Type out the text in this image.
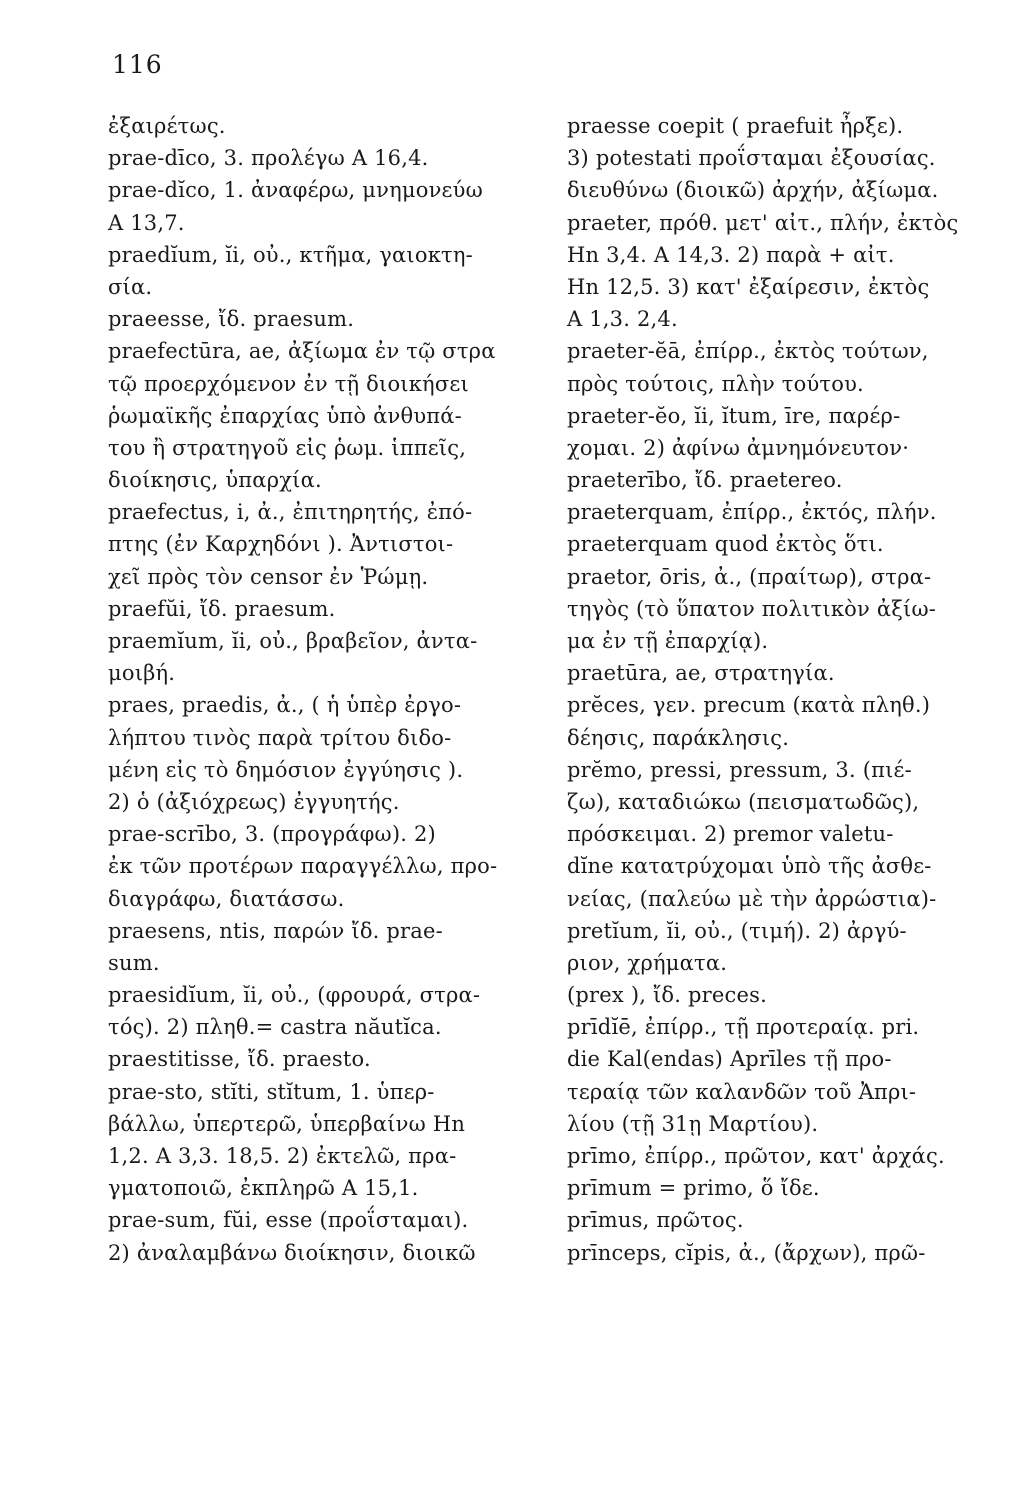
116
ἐξαιρέτως.
prae-dīco, 3. προλέγω Α 16,4.
prae-dĭco, 1. ἀναφέρω, μνημονεύω
Α 13,7.
praedĭum, ĭi, οὐ., κτῆμα, γαιοκτη-
σία.
praeesse, ἴδ. praesum.
praefectūra, ae, ἀξίωμα ἐν τῷ στρα
τῷ προερχόμενον ἐν τῇ διοικήσει
ῥωμαϊκῆς ἐπαρχίας ὑπὸ ἀνθυπά-
του ἢ στρατηγοῦ εἰς ῥωμ. ἱππεῖς,
διοίκησις, ὑπαρχία.
praefectus, i, ἀ., ἐπιτηρητής, ἐπό-
πτης (ἐν Καρχηδόνι ). Ἀντιστοι-
χεῖ πρὸς τὸν censor ἐν Ῥώμῃ.
praefŭi, ἴδ. praesum.
praemĭum, ĭi, οὐ., βραβεῖον, ἀντα-
μοιβή.
praes, praedis, ἀ., ( ἡ ὑπὲρ ἐργο-
λήπτου τινὸς παρὰ τρίτου διδο-
μένη εἰς τὸ δημόσιον ἐγγύησις ).
2) ὁ (ἀξιόχρεως) ἐγγυητής.
prae-scrībo, 3. (προγράφω). 2)
ἐκ τῶν προτέρων παραγγέλλω, προ-
διαγράφω, διατάσσω.
praesens, ntis, παρών ἴδ. prae-
sum.
praesidĭum, ĭi, οὐ., (φρουρά, στρα-
τός). 2) πληθ.= castra năutĭca.
praestitisse, ἴδ. praesto.
prae-sto, stĭti, stĭtum, 1. ὑπερ-
βάλλω, ὑπερτερῶ, ὑπερβαίνω Ηn
1,2. Α 3,3. 18,5. 2) ἐκτελῶ, πρα-
γματοποιῶ, ἐκπληρῶ Α 15,1.
prae-sum, fŭi, esse (προΐσταμαι).
2) ἀναλαμβάνω διοίκησιν, διοικῶ
praesse coepit ( praefuit ἦρξε).
3) potestati προΐσταμαι ἐξουσίας.
διευθύνω (διοικῶ) ἀρχήν, ἀξίωμα.
praeter, πρόθ. μετ' αἰτ., πλήν, ἐκτὸς
Ηn 3,4. Α 14,3. 2) παρὰ + αἰτ.
Ηn 12,5. 3) κατ' ἐξαίρεσιν, ἐκτὸς
Α 1,3. 2,4.
praeter-ĕā, ἐπίρρ., ἐκτὸς τούτων,
πρὸς τούτοις, πλὴν τούτου.
praeter-ĕo, ĭi, ĭtum, īre, παρέρ-
χομαι. 2) ἀφίνω ἀμνημόνευτον·
praeterībo, ἴδ. praetereo.
praeterquam, ἐπίρρ., ἐκτός, πλήν.
praeterquam quod ἐκτὸς ὅτι.
praetor, ōris, ἀ., (πραίτωρ), στρα-
τηγὸς (τὸ ὕπατον πολιτικὸν ἀξίω-
μα ἐν τῇ ἐπαρχίᾳ).
praetūra, ae, στρατηγία.
prĕces, γεν. precum (κατὰ πληθ.)
δέησις, παράκλησις.
prĕmo, pressi, pressum, 3. (πιέ-
ζω), καταδιώκω (πεισματωδῶς),
πρόσκειμαι. 2) premor valetu-
dĭne κατατρύχομαι ὑπὸ τῆς ἀσθε-
νείας, (παλεύω μὲ τὴν ἀρρώστια)-
pretĭum, ĭi, οὐ., (τιμή). 2) ἀργύ-
ριον, χρήματα.
(prex ), ἴδ. preces.
prīdĭē, ἐπίρρ., τῇ προτεραίᾳ. pri.
die Kal(endas) Aprīles τῇ προ-
τεραίᾳ τῶν καλανδῶν τοῦ Ἀπρι-
λίου (τῇ 31ῃ Μαρτίου).
prīmo, ἐπίρρ., πρῶτον, κατ' ἀρχάς.
prīmum = primo, ὅ ἴδε.
prīmus, πρῶτος.
prīnceps, cĭpis, ἀ., (ἄρχων), πρῶ-
